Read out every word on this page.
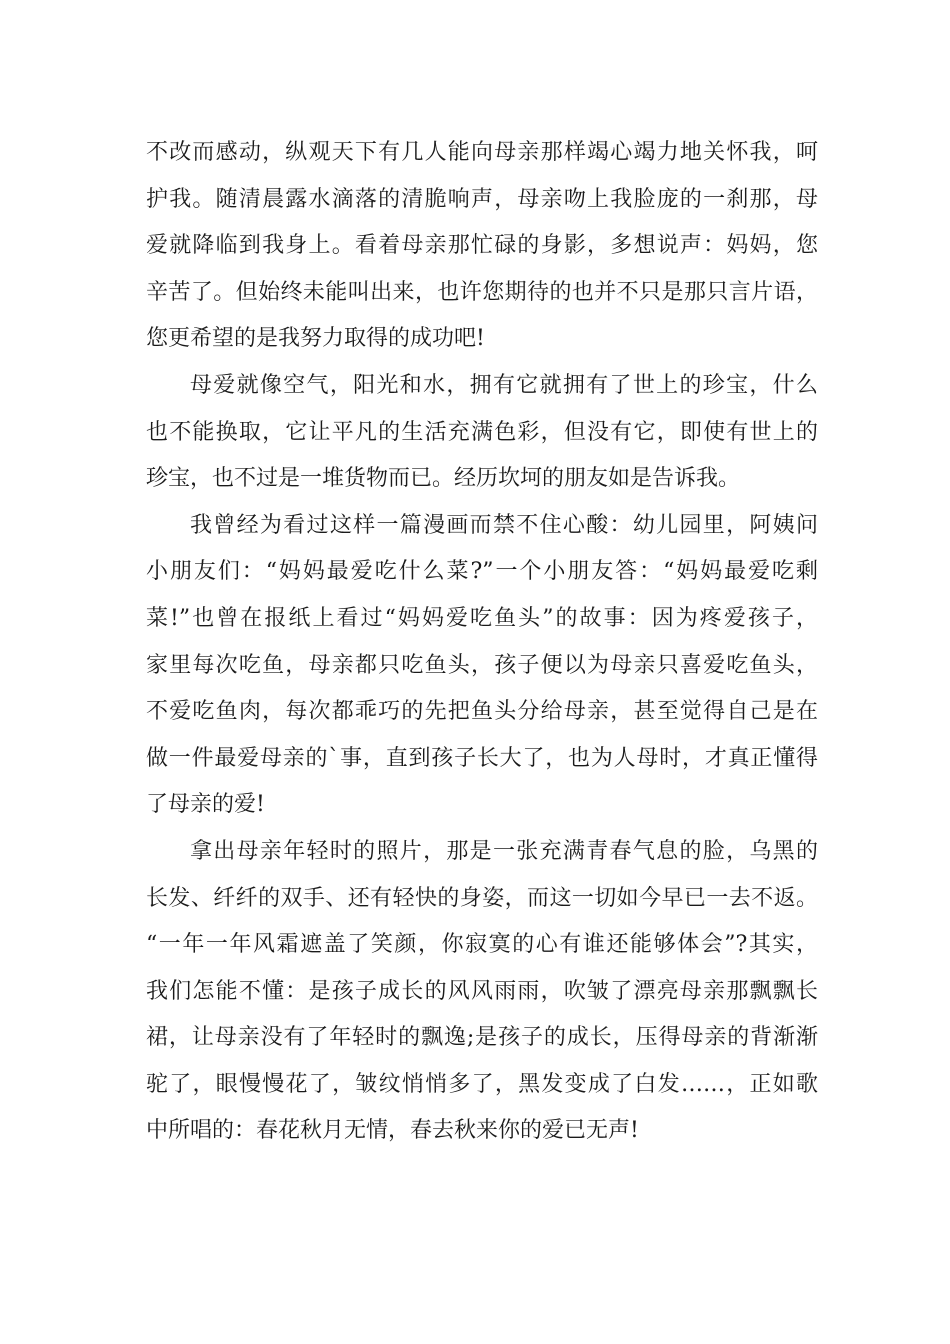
不改而感动，纵观天下有几人能向母亲那样竭心竭力地关怀我，呵
护我。随清晨露水滴落的清脆响声，母亲吻上我脸庞的一刹那，母
爱就降临到我身上。看着母亲那忙碌的身影，多想说声：妈妈，您
辛苦了。但始终未能叫出来，也许您期待的也并不只是那只言片语，
您更希望的是我努力取得的成功吧!
母爱就像空气，阳光和水，拥有它就拥有了世上的珍宝，什么
也不能换取，它让平凡的生活充满色彩，但没有它，即使有世上的
珍宝，也不过是一堆货物而已。经历坎坷的朋友如是告诉我。
我曾经为看过这样一篇漫画而禁不住心酸：幼儿园里，阿姨问
小朋友们：“妈妈最爱吃什么菜?”一个小朋友答：“妈妈最爱吃剩
菜!”也曾在报纸上看过“妈妈爱吃鱼头”的故事：因为疼爱孩子，
家里每次吃鱼，母亲都只吃鱼头，孩子便以为母亲只喜爱吃鱼头，
不爱吃鱼肉，每次都乖巧的先把鱼头分给母亲，甚至觉得自己是在
做一件最爱母亲的`事，直到孩子长大了，也为人母时，才真正懂得
了母亲的爱!
拿出母亲年轻时的照片，那是一张充满青春气息的脸，乌黑的
长发、纤纤的双手、还有轻快的身姿，而这一切如今早已一去不返。
“一年一年风霜遮盖了笑颜，你寂寞的心有谁还能够体会”?其实，
我们怎能不懂：是孩子成长的风风雨雨，吹皱了漂亮母亲那飘飘长
裙，让母亲没有了年轻时的飘逸;是孩子的成长，压得母亲的背渐渐
驼了，眼慢慢花了，皱纹悄悄多了，黑发变成了白发……，正如歌
中所唱的：春花秋月无情，春去秋来你的爱已无声!
